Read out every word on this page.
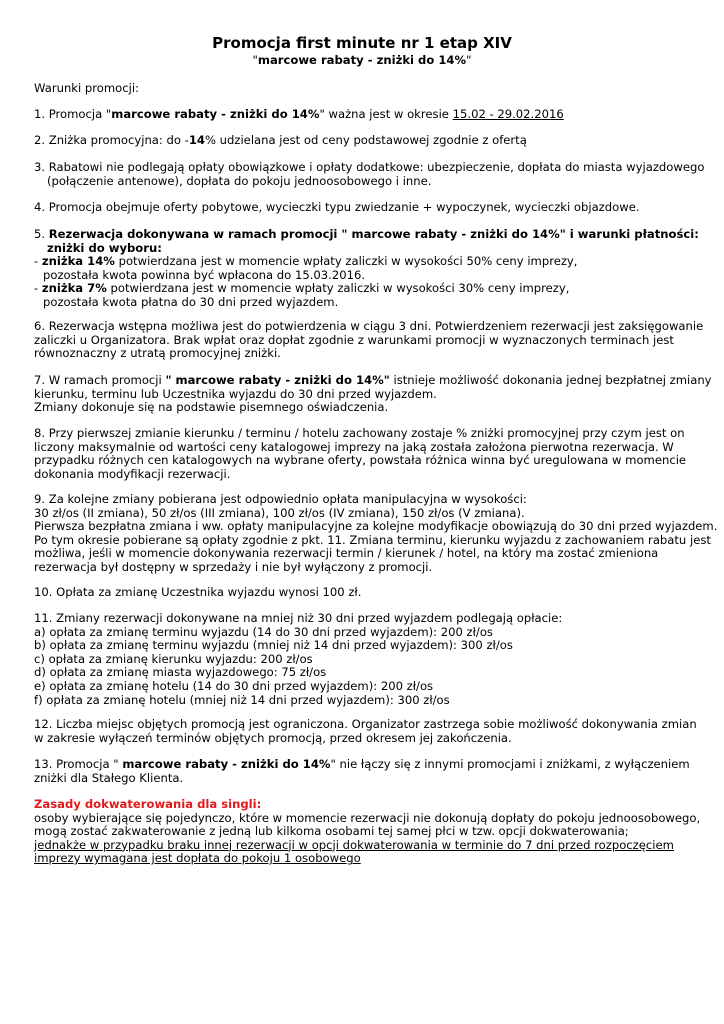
Promocja first minute nr 1 etap XIV
"marcowe rabaty - zniżki do 14%"
Warunki promocji:
1. Promocja "marcowe rabaty - zniżki do 14%" ważna jest w okresie 15.02 - 29.02.2016
2. Zniżka promocyjna: do -14% udzielana jest od ceny podstawowej zgodnie z ofertą
3. Rabatowi nie podlegają opłaty obowiązkowe i opłaty dodatkowe: ubezpieczenie, dopłata do miasta wyjazdowego
(połączenie antenowe), dopłata do pokoju jednoosobowego i inne.
4. Promocja obejmuje oferty pobytowe, wycieczki typu zwiedzanie + wypoczynek, wycieczki objazdowe.
5. Rezerwacja dokonywana w ramach promocji " marcowe rabaty - zniżki do 14%" i warunki płatności:
zniżki do wyboru:
- zniżka 14% potwierdzana jest w momencie wpłaty zaliczki w wysokości 50% ceny imprezy,
pozostała kwota powinna być wpłacona do 15.03.2016.
- zniżka 7% potwierdzana jest w momencie wpłaty zaliczki w wysokości 30% ceny imprezy,
pozostała kwota płatna do 30 dni przed wyjazdem.
6. Rezerwacja wstępna możliwa jest do potwierdzenia w ciągu 3 dni. Potwierdzeniem rezerwacji jest zaksięgowanie
zaliczki u Organizatora. Brak wpłat oraz dopłat zgodnie z warunkami promocji w wyznaczonych terminach jest
równoznaczny z utratą promocyjnej zniżki.
7. W ramach promocji " marcowe rabaty - zniżki do 14%" istnieje możliwość dokonania jednej bezpłatnej zmiany
kierunku, terminu lub Uczestnika wyjazdu do 30 dni przed wyjazdem.
Zmiany dokonuje się na podstawie pisemnego oświadczenia.
8. Przy pierwszej zmianie kierunku / terminu / hotelu zachowany zostaje % zniżki promocyjnej przy czym jest on
liczony maksymalnie od wartości ceny katalogowej imprezy na jaką została założona pierwotna rezerwacja. W
przypadku różnych cen katalogowych na wybrane oferty, powstała różnica winna być uregulowana w momencie
dokonania modyfikacji rezerwacji.
9. Za kolejne zmiany pobierana jest odpowiednio opłata manipulacyjna w wysokości:
30 zł/os (II zmiana), 50 zł/os (III zmiana), 100 zł/os (IV zmiana), 150 zł/os (V zmiana).
Pierwsza bezpłatna zmiana i ww. opłaty manipulacyjne za kolejne modyfikacje obowiązują do 30 dni przed wyjazdem.
Po tym okresie pobierane są opłaty zgodnie z pkt. 11. Zmiana terminu, kierunku wyjazdu z zachowaniem rabatu jest
możliwa, jeśli w momencie dokonywania rezerwacji termin / kierunek / hotel, na który ma zostać zmieniona
rezerwacja był dostępny w sprzedaży i nie był wyłączony z promocji.
10. Opłata za zmianę Uczestnika wyjazdu wynosi 100 zł.
11. Zmiany rezerwacji dokonywane na mniej niż 30 dni przed wyjazdem podlegają opłacie:
a) opłata za zmianę terminu wyjazdu (14 do 30 dni przed wyjazdem): 200 zł/os
b) opłata za zmianę terminu wyjazdu (mniej niż 14 dni przed wyjazdem): 300 zł/os
c) opłata za zmianę kierunku wyjazdu: 200 zł/os
d) opłata za zmianę miasta wyjazdowego: 75 zł/os
e) opłata za zmianę hotelu (14 do 30 dni przed wyjazdem): 200 zł/os
f) opłata za zmianę hotelu (mniej niż 14 dni przed wyjazdem): 300 zł/os
12. Liczba miejsc objętych promocją jest ograniczona. Organizator zastrzega sobie możliwość dokonywania zmian
w zakresie wyłączeń terminów objętych promocją, przed okresem jej zakończenia.
13. Promocja " marcowe rabaty - zniżki do 14%" nie łączy się z innymi promocjami i zniżkami, z wyłączeniem
zniżki dla Stałego Klienta.
Zasady dokwaterowania dla singli:
osoby wybierające się pojedynczo, które w momencie rezerwacji nie dokonują dopłaty do pokoju jednoosobowego,
mogą zostać zakwaterowanie z jedną lub kilkoma osobami tej samej płci w tzw. opcji dokwaterowania;
jednakże w przypadku braku innej rezerwacji w opcji dokwaterowania w terminie do 7 dni przed rozpoczęciem
imprezy wymagana jest dopłata do pokoju 1 osobowego
